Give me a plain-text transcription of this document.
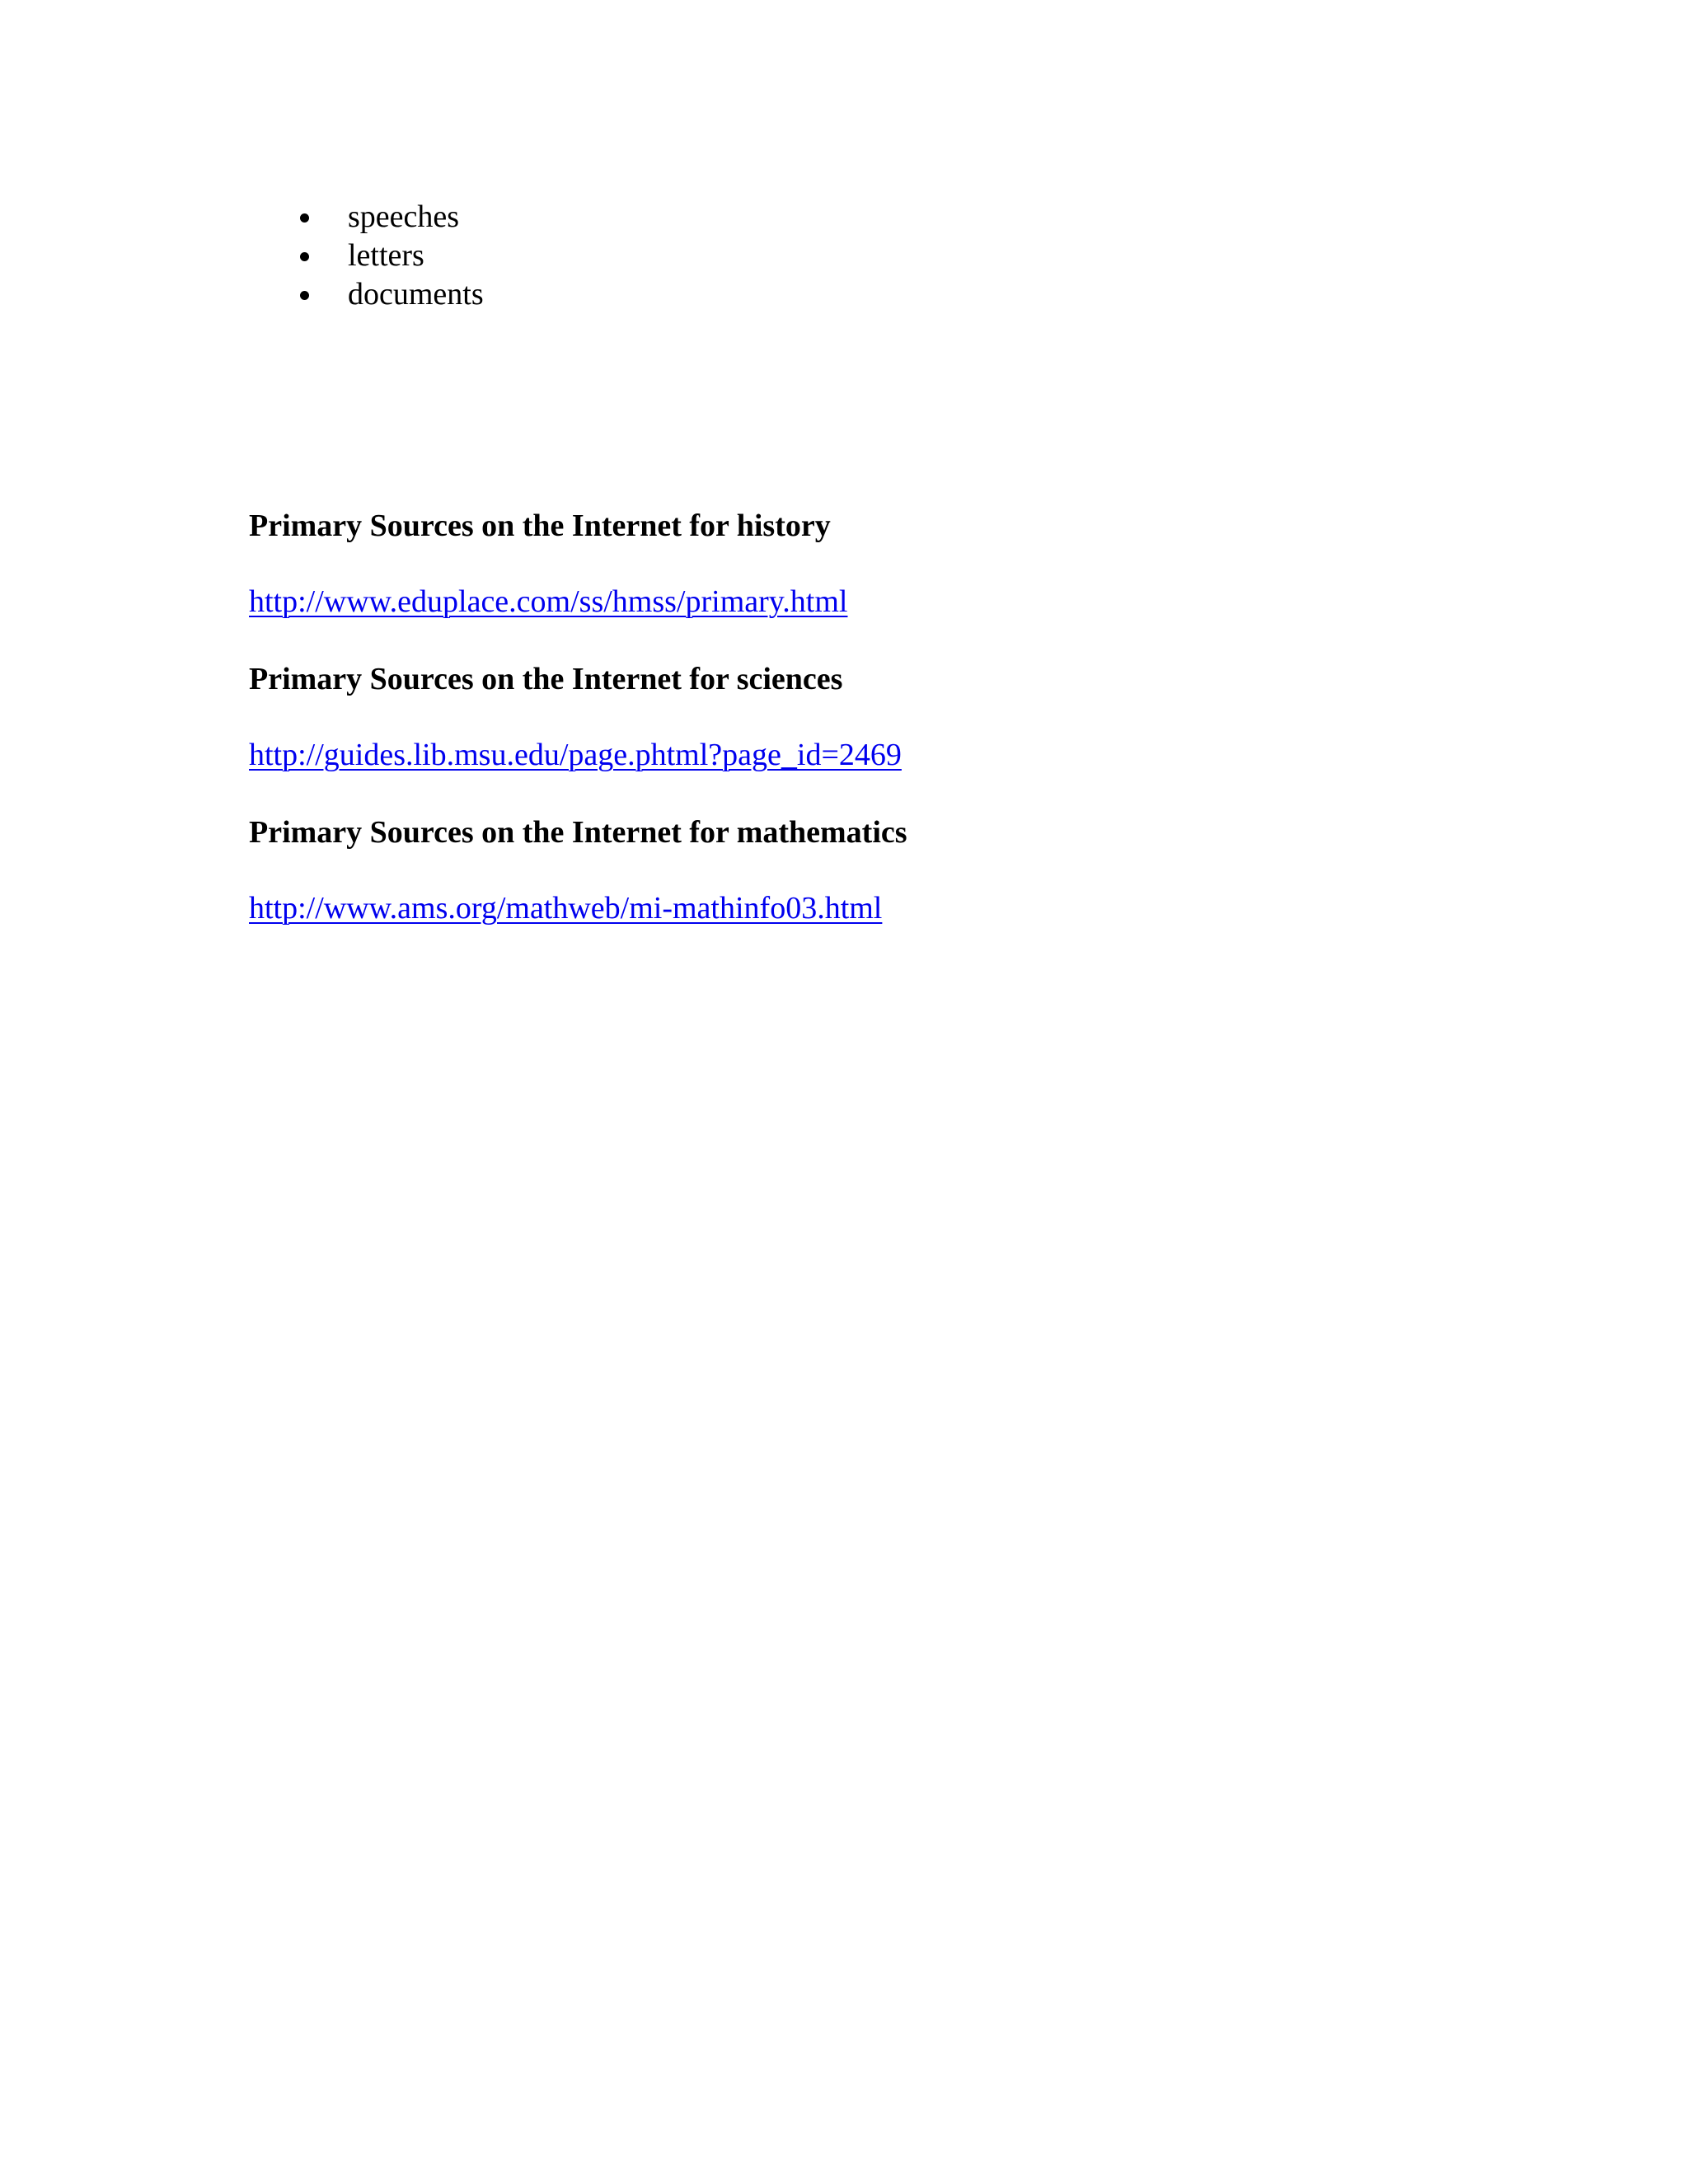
speeches
letters
documents

Primary Sources on the Internet for history

http://www.eduplace.com/ss/hmss/primary.html

Primary Sources on the Internet for sciences

http://guides.lib.msu.edu/page.phtml?page_id=2469

Primary Sources on the Internet for mathematics

http://www.ams.org/mathweb/mi-mathinfo03.html
